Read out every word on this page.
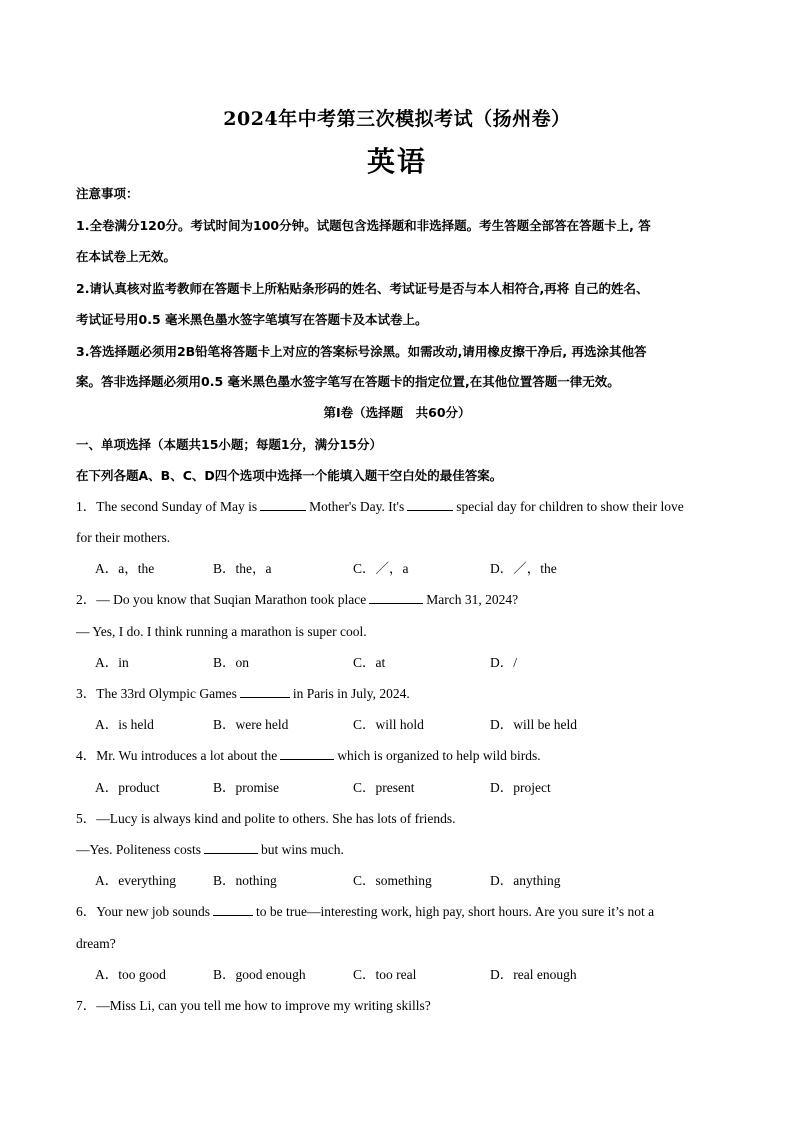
2024年中考第三次模拟考试（扬州卷）
英语
注意事项：
1.全卷满分120分。考试时间为100分钟。试题包含选择题和非选择题。考生答题全部答在答题卡上, 答
在本试卷上无效。
2.请认真核对监考教师在答题卡上所粘贴条形码的姓名、考试证号是否与本人相符合,再将 自己的姓名、
考试证号用0.5 毫米黑色墨水签字笔填写在答题卡及本试卷上。
3.答选择题必须用2B铅笔将答题卡上对应的答案标号涂黑。如需改动,请用橡皮擦干净后, 再选涂其他答
案。答非选择题必须用0.5 毫米黑色墨水签字笔写在答题卡的指定位置,在其他位置答题一律无效。
第Ⅰ卷（选择题　共60分）
一、单项选择（本题共15小题；每题1分，满分15分）
在下列各题A、B、C、D四个选项中选择一个能填入题干空白处的最佳答案。
1．The second Sunday of May is	Mother's Day. It's	special day for children to show their love
for their mothers.
A．a，the	B．the，a	C．／，a	D．／，the
2．— Do you know that Suqian Marathon took place	March 31, 2024?
— Yes, I do. I think running a marathon is super cool.
A．in	B．on	C．at	D．/
3．The 33rd Olympic Games	in Paris in July, 2024.
A．is held	B．were held	C．will hold	D．will be held
4．Mr. Wu introduces a lot about the	which is organized to help wild birds.
A．product	B．promise	C．present	D．project
5．—Lucy is always kind and polite to others. She has lots of friends.
—Yes. Politeness costs	but wins much.
A．everything	B．nothing	C．something	D．anything
6．Your new job sounds	to be true—interesting work, high pay, short hours. Are you sure it’s not a
dream?
A．too good	B．good enough	C．too real	D．real enough
7．—Miss Li, can you tell me how to improve my writing skills?
